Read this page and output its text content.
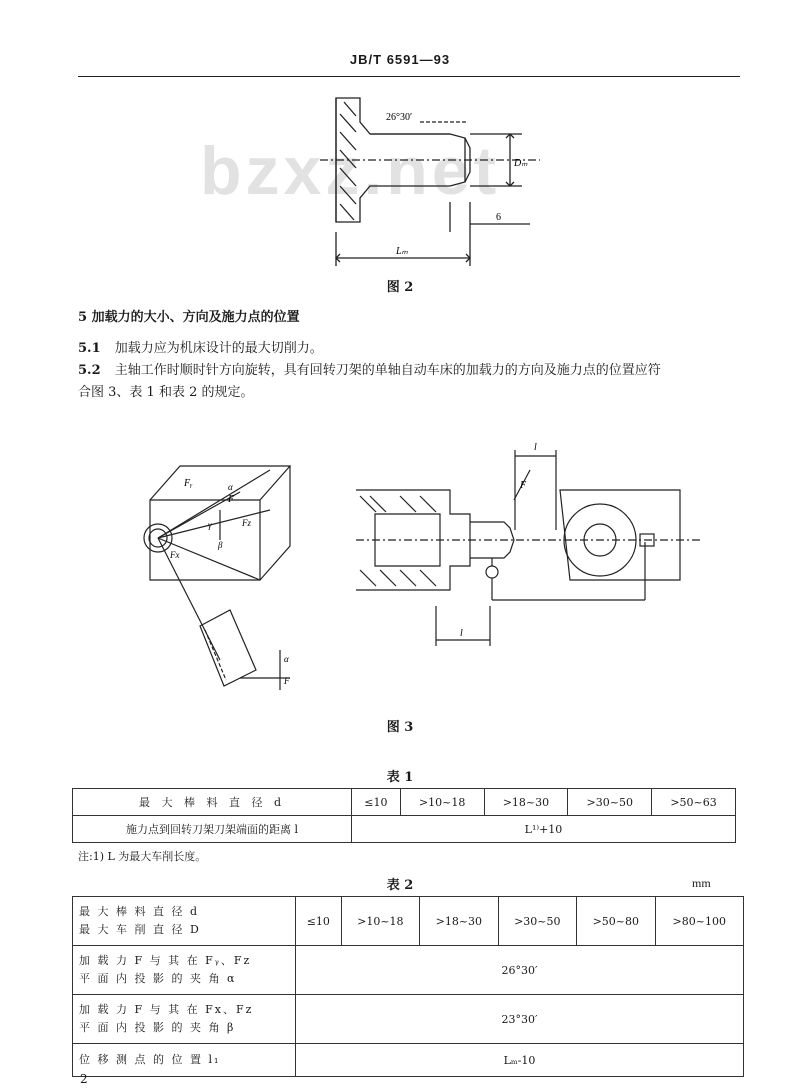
JB/T 6591—93
bzxz.net
26°30′
Dₘ
6
Lₘ
图 2
5 加载力的大小、方向及施力点的位置
5.1 加载力应为机床设计的最大切削力。
5.2 主轴工作时顺时针方向旋转，具有回转刀架的单轴自动车床的加载力的方向及施力点的位置应符
合图 3、表 1 和表 2 的规定。
Fᵧ
F
Fz
Fx
α
γ
β
l
F
l
α
F
图 3
表 1
最 大 棒 料 直 径 d	≤10	>10~18	>18~30	>30~50	>50~63
施力点到回转刀架刀架端面的距离 l	L¹⁾+10				
注:1) L 为最大车削长度。
表 2	mm
最 大 棒 料 直 径 d
最 大 车 削 直 径 D	≤10	>10~18	>18~30	>30~50	>50~80	>80~100

加 载 力 F 与 其 在 Fᵧ、Fz
平 面 内 投 影 的 夹 角 α	26°30′					

加 载 力 F 与 其 在 Fx、Fz
平 面 内 投 影 的 夹 角 β	23°30′					
位 移 测 点 的 位 置 l₁	Lₘ-10					
2
